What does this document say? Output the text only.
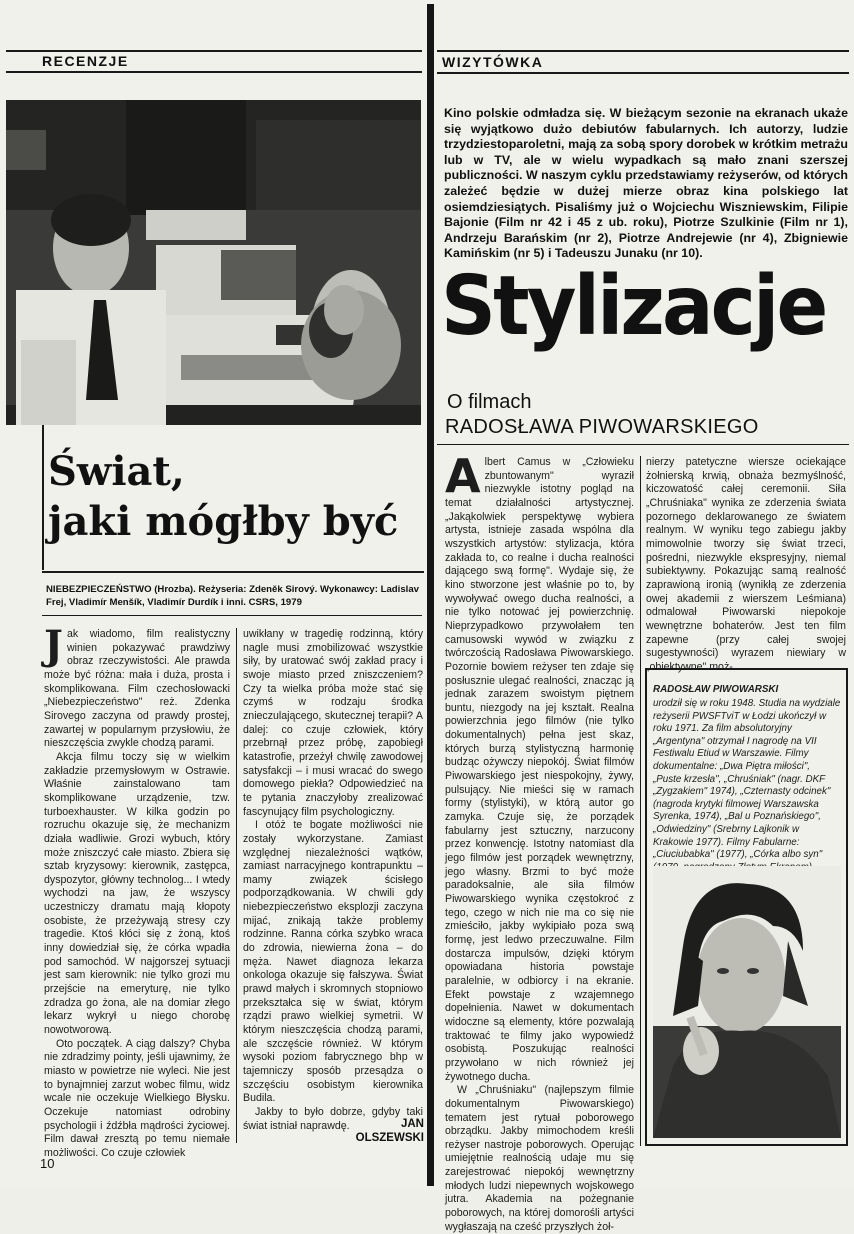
RECENZJE	WIZYTÓWKA
Świat,
jaki mógłby być
NIEBEZPIECZEŃSTWO (Hrozba). Reżyseria: Zdeněk Sirový. Wykonawcy: Ladislav Frej, Vladimír Menšík, Vladimír Durdík i inni. CSRS, 1979

Jak wiadomo, film realistyczny winien pokazywać prawdziwy obraz rzeczywistości. Ale prawda może być różna: mała i duża, prosta i skomplikowana. Film czechosłowacki „Niebezpieczeństwo" reż. Zdenka Sirovego zaczyna od prawdy prostej, zawartej w popularnym przysłowiu, że nieszczęścia zwykle chodzą parami.

Akcja filmu toczy się w wielkim zakładzie przemysłowym w Ostrawie. Właśnie zainstalowano tam skomplikowane urządzenie, tzw. turboexhauster. W kilka godzin po rozruchu okazuje się, że mechanizm działa wadliwie. Grozi wybuch, który może zniszczyć całe miasto. Zbiera się sztab kryzysowy: kierownik, zastępca, dyspozytor, główny technolog... I wtedy wychodzi na jaw, że wszyscy uczestniczy dramatu mają kłopoty osobiste, że przeżywają stresy czy tragedie. Ktoś kłóci się z żoną, ktoś inny dowiedział się, że córka wpadła pod samochód. W najgorszej sytuacji jest sam kierownik: nie tylko grozi mu przejście na emeryturę, nie tylko zdradza go żona, ale na domiar złego lekarz wykrył u niego chorobę nowotworową.

Oto początek. A ciąg dalszy? Chyba nie zdradzimy pointy, jeśli ujawnimy, że miasto w powietrze nie wyleci. Nie jest to bynajmniej zarzut wobec filmu, widz wcale nie oczekuje Wielkiego Błysku. Oczekuje natomiast odrobiny psychologii i źdźbła mądrości życiowej. Film dawał zresztą po temu niemałe możliwości. Co czuje człowiek

uwikłany w tragedię rodzinną, który nagle musi zmobilizować wszystkie siły, by uratować swój zakład pracy i swoje miasto przed zniszczeniem? Czy ta wielka próba może stać się czymś w rodzaju środka znieczulającego, skutecznej terapii? A dalej: co czuje człowiek, który przebrnął przez próbę, zapobiegł katastrofie, przeżył chwilę zawodowej satysfakcji – i musi wracać do swego domowego piekła? Odpowiedzieć na te pytania znaczyłoby zrealizować fascynujący film psychologiczny.

I otóż te bogate możliwości nie zostały wykorzystane. Zamiast względnej niezależności wątków, zamiast narracyjnego kontrapunktu – mamy związek ścisłego podporządkowania. W chwili gdy niebezpieczeństwo eksplozji zaczyna mijać, znikają także problemy rodzinne. Ranna córka szybko wraca do zdrowia, niewierna żona – do męża. Nawet diagnoza lekarza onkologa okazuje się fałszywa. Świat prawd małych i skromnych stopniowo przekształca się w świat, którym rządzi prawo wielkiej symetrii. W którym nieszczęścia chodzą parami, ale szczęście również. W którym wysoki poziom fabrycznego bhp w tajemniczy sposób przesądza o szczęściu osobistym kierownika Budila.

Jakby to było dobrze, gdyby taki świat istniał naprawdę.	JAN
OLSZEWSKI
10
Kino polskie odmładza się. W bieżącym sezonie na ekranach ukaże się wyjątkowo dużo debiutów fabularnych. Ich autorzy, ludzie trzydziestoparoletni, mają za sobą spory dorobek w krótkim metrażu lub w TV, ale w wielu wypadkach są mało znani szerszej publiczności. W naszym cyklu przedstawiamy reżyserów, od których zależeć będzie w dużej mierze obraz kina polskiego lat osiemdziesiątych. Pisaliśmy już o Wojciechu Wiszniewskim, Filipie Bajonie (Film nr 42 i 45 z ub. roku), Piotrze Szulkinie (Film nr 1), Andrzeju Barańskim (nr 2), Piotrze Andrejewie (nr 4), Zbigniewie Kamińskim (nr 5) i Tadeuszu Junaku (nr 10).
Stylizacje
O filmach
RADOSŁAWA PIWOWARSKIEGO

Albert Camus w „Człowieku zbuntowanym" wyraził niezwykle istotny pogląd na temat działalności artystycznej. „Jakąkolwiek perspektywę wybiera artysta, istnieje zasada wspólna dla wszystkich artystów: stylizacja, która zakłada to, co realne i ducha realności dającego swą formę". Wydaje się, że kino stworzone jest właśnie po to, by wywoływać owego ducha realności, a nie tylko notować jej powierzchnię. Nieprzypadkowo przywołałem ten camusowski wywód w związku z twórczością Radosława Piwowarskiego. Pozornie bowiem reżyser ten zdaje się posłusznie ulegać realności, znacząc ją jednak zarazem swoistym piętnem buntu, niezgody na jej kształt. Realna powierzchnia jego filmów (nie tylko dokumentalnych) pełna jest skaz, których burzą stylistyczną harmonię budząc ożywczy niepokój. Świat filmów Piwowarskiego jest niespokojny, żywy, pulsujący. Nie mieści się w ramach formy (stylistyki), w którą autor go zamyka. Czuje się, że porządek fabularny jest sztuczny, narzucony przez konwencję. Istotny natomiast dla jego filmów jest porządek wewnętrzny, jego własny. Brzmi to być może paradoksalnie, ale siła filmów Piwowarskiego wynika częstokroć z tego, czego w nich nie ma co się nie zmieściło, jakby wykipiało poza swą formę, jest ledwo przeczuwalne. Film dostarcza impulsów, dzięki którym opowiadana historia powstaje paralelnie, w odbiorcy i na ekranie. Efekt powstaje z wzajemnego dopełnienia. Nawet w dokumentach widoczne są elementy, które pozwalają traktować te filmy jako wypowiedź osobistą. Poszukując realności przywołano w nich również jej żywotnego ducha.

W „Chruśniaku" (najlepszym filmie dokumentalnym Piwowarskiego) tematem jest rytuał poborowego obrządku. Jakby mimochodem kreśli reżyser nastroje poborowych. Operując umiejętnie realnością udaje mu się zarejestrować niepokój wewnętrzny młodych ludzi niepewnych wojskowego jutra. Akademia na pożegnanie poborowych, na której domorośli artyści wygłaszają na cześć przyszłych żoł-

nierzy patetyczne wiersze ociekające żołnierską krwią, obnaża bezmyślność, kiczowatość całej ceremonii. Siła „Chruśniaka" wynika ze zderzenia świata pozornego deklarowanego ze światem realnym. W wyniku tego zabiegu jakby mimowolnie tworzy się świat trzeci, pośredni, niezwykle ekspresyjny, niemal subiektywny. Pokazując samą realność zaprawioną ironią (wynikłą ze zderzenia owej akademii z wierszem Leśmiana) odmalował Piwowarski niepokoje wewnętrzne bohaterów. Jest ten film zapewne (przy całej swojej sugestywności) wyrazem niewiary w „obiektywne" moż-

RADOSŁAW PIWOWARSKI
urodził się w roku 1948. Studia na wydziale reżyserii PWSFTviT w Łodzi ukończył w roku 1971. Za film absolutoryjny „Argentyna" otrzymał I nagrodę na VII Festiwalu Etiud w Warszawie. Filmy dokumentalne: „Dwa Piętra miłości", „Puste krzesła", „Chruśniak" (nagr. DKF „Zygzakiem" 1974), „Czternasty odcinek" (nagroda krytyki filmowej Warszawska Syrenka, 1974), „Bal u Poznańskiego", „Odwiedziny" (Srebrny Lajkonik w Krakowie 1977). Filmy Fabularne: „Ciuciubabka" (1977), „Córka albo syn"
